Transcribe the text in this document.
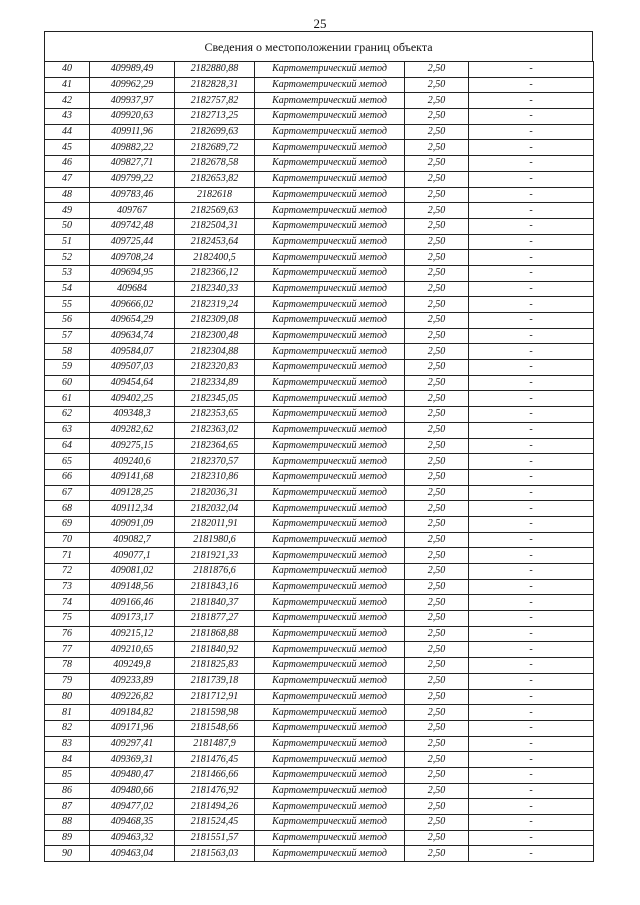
25
Сведения о местоположении границ объекта
40	409989,49	2182880,88	Картометрический метод	2,50	-
41	409962,29	2182828,31	Картометрический метод	2,50	-
42	409937,97	2182757,82	Картометрический метод	2,50	-
43	409920,63	2182713,25	Картометрический метод	2,50	-
44	409911,96	2182699,63	Картометрический метод	2,50	-
45	409882,22	2182689,72	Картометрический метод	2,50	-
46	409827,71	2182678,58	Картометрический метод	2,50	-
47	409799,22	2182653,82	Картометрический метод	2,50	-
48	409783,46	2182618	Картометрический метод	2,50	-
49	409767	2182569,63	Картометрический метод	2,50	-
50	409742,48	2182504,31	Картометрический метод	2,50	-
51	409725,44	2182453,64	Картометрический метод	2,50	-
52	409708,24	2182400,5	Картометрический метод	2,50	-
53	409694,95	2182366,12	Картометрический метод	2,50	-
54	409684	2182340,33	Картометрический метод	2,50	-
55	409666,02	2182319,24	Картометрический метод	2,50	-
56	409654,29	2182309,08	Картометрический метод	2,50	-
57	409634,74	2182300,48	Картометрический метод	2,50	-
58	409584,07	2182304,88	Картометрический метод	2,50	-
59	409507,03	2182320,83	Картометрический метод	2,50	-
60	409454,64	2182334,89	Картометрический метод	2,50	-
61	409402,25	2182345,05	Картометрический метод	2,50	-
62	409348,3	2182353,65	Картометрический метод	2,50	-
63	409282,62	2182363,02	Картометрический метод	2,50	-
64	409275,15	2182364,65	Картометрический метод	2,50	-
65	409240,6	2182370,57	Картометрический метод	2,50	-
66	409141,68	2182310,86	Картометрический метод	2,50	-
67	409128,25	2182036,31	Картометрический метод	2,50	-
68	409112,34	2182032,04	Картометрический метод	2,50	-
69	409091,09	2182011,91	Картометрический метод	2,50	-
70	409082,7	2181980,6	Картометрический метод	2,50	-
71	409077,1	2181921,33	Картометрический метод	2,50	-
72	409081,02	2181876,6	Картометрический метод	2,50	-
73	409148,56	2181843,16	Картометрический метод	2,50	-
74	409166,46	2181840,37	Картометрический метод	2,50	-
75	409173,17	2181877,27	Картометрический метод	2,50	-
76	409215,12	2181868,88	Картометрический метод	2,50	-
77	409210,65	2181840,92	Картометрический метод	2,50	-
78	409249,8	2181825,83	Картометрический метод	2,50	-
79	409233,89	2181739,18	Картометрический метод	2,50	-
80	409226,82	2181712,91	Картометрический метод	2,50	-
81	409184,82	2181598,98	Картометрический метод	2,50	-
82	409171,96	2181548,66	Картометрический метод	2,50	-
83	409297,41	2181487,9	Картометрический метод	2,50	-
84	409369,31	2181476,45	Картометрический метод	2,50	-
85	409480,47	2181466,66	Картометрический метод	2,50	-
86	409480,66	2181476,92	Картометрический метод	2,50	-
87	409477,02	2181494,26	Картометрический метод	2,50	-
88	409468,35	2181524,45	Картометрический метод	2,50	-
89	409463,32	2181551,57	Картометрический метод	2,50	-
90	409463,04	2181563,03	Картометрический метод	2,50	-
